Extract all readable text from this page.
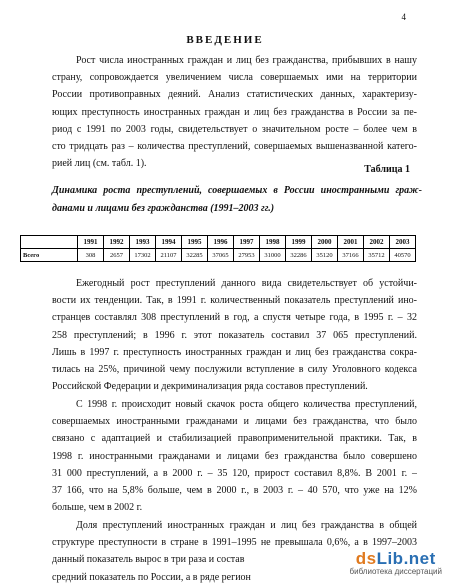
4
ВВЕДЕНИЕ
Рост числа иностранных граждан и лиц без гражданства, прибывших в нашу
страну, сопровождается увеличением числа совершаемых ими на территории
России противоправных деяний. Анализ статистических данных, характеризу-
ющих преступность иностранных граждан и лиц без гражданства в России за пе-
риод с 1991 по 2003 годы, свидетельствует о значительном росте – более чем в
сто тридцать раз – количества преступлений, совершаемых вышеназванной катего-
рией лиц (см. табл. 1).
Таблица 1
Динамика роста преступлений, совершаемых в России иностранными граж-
данами и лицами без гражданства (1991–2003 гг.)
	1991	1992	1993	1994	1995	1996	1997	1998	1999	2000	2001	2002	2003
Всего	308	2657	17302	21107	32285	37065	27953	31000	32286	35120	37166	35712	40570
Ежегодный рост преступлений данного вида свидетельствует об устойчи-
вости их тенденции. Так, в 1991 г. количественный показатель преступлений ино-
странцев составлял 308 преступлений в год, а спустя четыре года, в 1995 г. – 32
258 преступлений; в 1996 г. этот показатель составил 37 065 преступлений.
Лишь в 1997 г. преступность иностранных граждан и лиц без гражданства сокра-
тилась на 25%, причиной чему послужили вступление в силу Уголовного кодекса
Российской Федерации и декриминализация ряда составов преступлений.
С 1998 г. происходит новый скачок роста общего количества преступлений,
совершаемых иностранными гражданами и лицами без гражданства, что было
связано с адаптацией и стабилизацией правоприменительной практики. Так, в
1998 г. иностранными гражданами и лицами без гражданства было совершено
31 000 преступлений, а в 2000 г. – 35 120, прирост составил 8,8%. В 2001 г. –
37 166, что на 5,8% больше, чем в 2000 г., в 2003 г. – 40 570, что уже на 12%
больше, чем в 2002 г.
Доля преступлений иностранных граждан и лиц без гражданства в общей
структуре преступности в стране в 1991–1995 не превышала 0,6%, а в 1997–2003
данный показатель вырос в три раза и состав
средний показатель по России, а в ряде регион
dsLib.net
библиотека диссертаций
